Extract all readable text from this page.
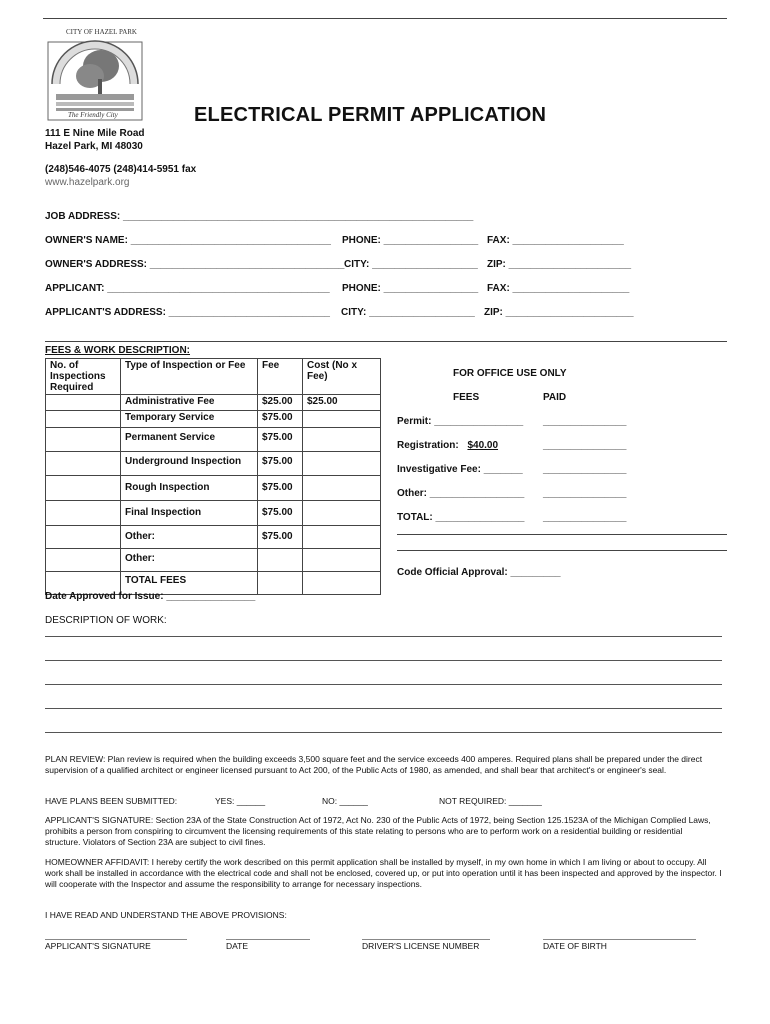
CITY OF HAZEL PARK
The Friendly City	ELECTRICAL PERMIT APPLICATION
111 E Nine Mile Road
Hazel Park, MI 48030
(248)546-4075 (248)414-5951 fax
www.hazelpark.org
JOB ADDRESS: _______________________________________________________________
OWNER'S NAME: ____________________________________ PHONE: _________________ FAX: ____________________
OWNER'S ADDRESS: ___________________________________ CITY: ___________________ ZIP: ______________________
APPLICANT: ________________________________________ PHONE: _________________ FAX: _____________________
APPLICANT'S ADDRESS: _____________________________ CITY: ___________________ ZIP: _______________________
FEES & WORK DESCRIPTION:
No. of Inspections Required	Type of Inspection or Fee	Fee	Cost (No x Fee)
	Administrative Fee	$25.00	$25.00
	Temporary Service	$75.00	
	Permanent Service	$75.00	
	Underground Inspection	$75.00	
	Rough Inspection	$75.00	
	Final Inspection	$75.00	
	Other:	$75.00	
	Other:		
	TOTAL FEES		
FOR OFFICE USE ONLY
FEES	PAID
Permit: ________________ _______________
Registration: $40.00	_______________
Investigative Fee: _______ _______________
Other: _________________ _______________
TOTAL: ________________ _______________
Code Official Approval: _________
Date Approved for Issue: ________________
DESCRIPTION OF WORK:
PLAN REVIEW: Plan review is required when the building exceeds 3,500 square feet and the service exceeds 400 amperes. Required plans shall be prepared under the direct supervision of a qualified architect or engineer licensed pursuant to Act 200, of the Public Acts of 1980, as amended, and shall bear that architect's or engineer's seal.
HAVE PLANS BEEN SUBMITTED:	YES: ______	NO: ______	NOT REQUIRED: _______
APPLICANT'S SIGNATURE: Section 23A of the State Construction Act of 1972, Act No. 230 of the Public Acts of 1972, being Section 125.1523A of the Michigan Complied Laws, prohibits a person from conspiring to circumvent the licensing requirements of this state relating to persons who are to perform work on a residential building or residential structure. Violators of Section 23A are subject to civil fines.
HOMEOWNER AFFIDAVIT: I hereby certify the work described on this permit application shall be installed by myself, in my own home in which I am living or about to occupy. All work shall be installed in accordance with the electrical code and shall not be enclosed, covered up, or put into operation until it has been inspected and approved by the inspector. I will cooperate with the Inspector and assume the responsibility to arrange for necessary inspections.
I HAVE READ AND UNDERSTAND THE ABOVE PROVISIONS:
APPLICANT'S SIGNATURE	DATE	DRIVER'S LICENSE NUMBER	DATE OF BIRTH
